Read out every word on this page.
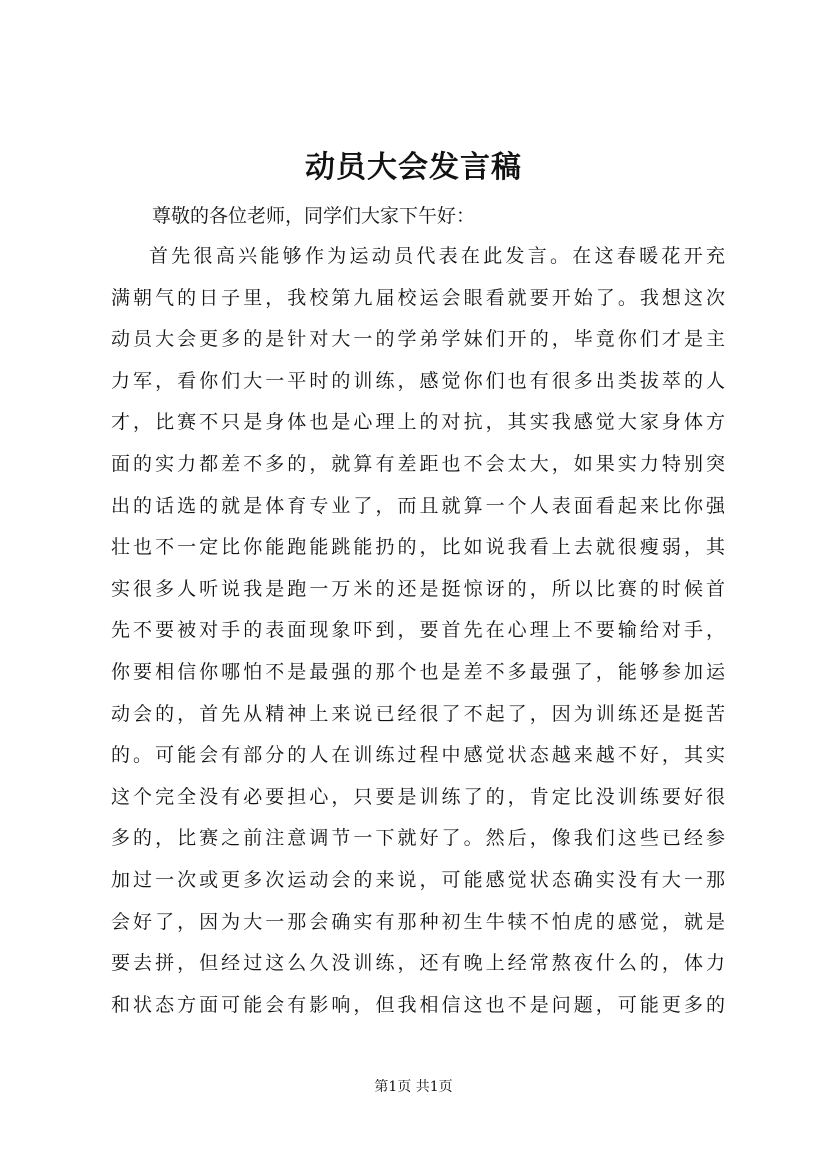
动员大会发言稿
尊敬的各位老师，同学们大家下午好：
首先很高兴能够作为运动员代表在此发言。在这春暖花开充
满朝气的日子里，我校第九届校运会眼看就要开始了。我想这次
动员大会更多的是针对大一的学弟学妹们开的，毕竟你们才是主
力军，看你们大一平时的训练，感觉你们也有很多出类拔萃的人
才，比赛不只是身体也是心理上的对抗，其实我感觉大家身体方
面的实力都差不多的，就算有差距也不会太大，如果实力特别突
出的话选的就是体育专业了，而且就算一个人表面看起来比你强
壮也不一定比你能跑能跳能扔的，比如说我看上去就很瘦弱，其
实很多人听说我是跑一万米的还是挺惊讶的，所以比赛的时候首
先不要被对手的表面现象吓到，要首先在心理上不要输给对手，
你要相信你哪怕不是最强的那个也是差不多最强了，能够参加运
动会的，首先从精神上来说已经很了不起了，因为训练还是挺苦
的。可能会有部分的人在训练过程中感觉状态越来越不好，其实
这个完全没有必要担心，只要是训练了的，肯定比没训练要好很
多的，比赛之前注意调节一下就好了。然后，像我们这些已经参
加过一次或更多次运动会的来说，可能感觉状态确实没有大一那
会好了，因为大一那会确实有那种初生牛犊不怕虎的感觉，就是
要去拼，但经过这么久没训练，还有晚上经常熬夜什么的，体力
和状态方面可能会有影响，但我相信这也不是问题，可能更多的
第1页 共1页
